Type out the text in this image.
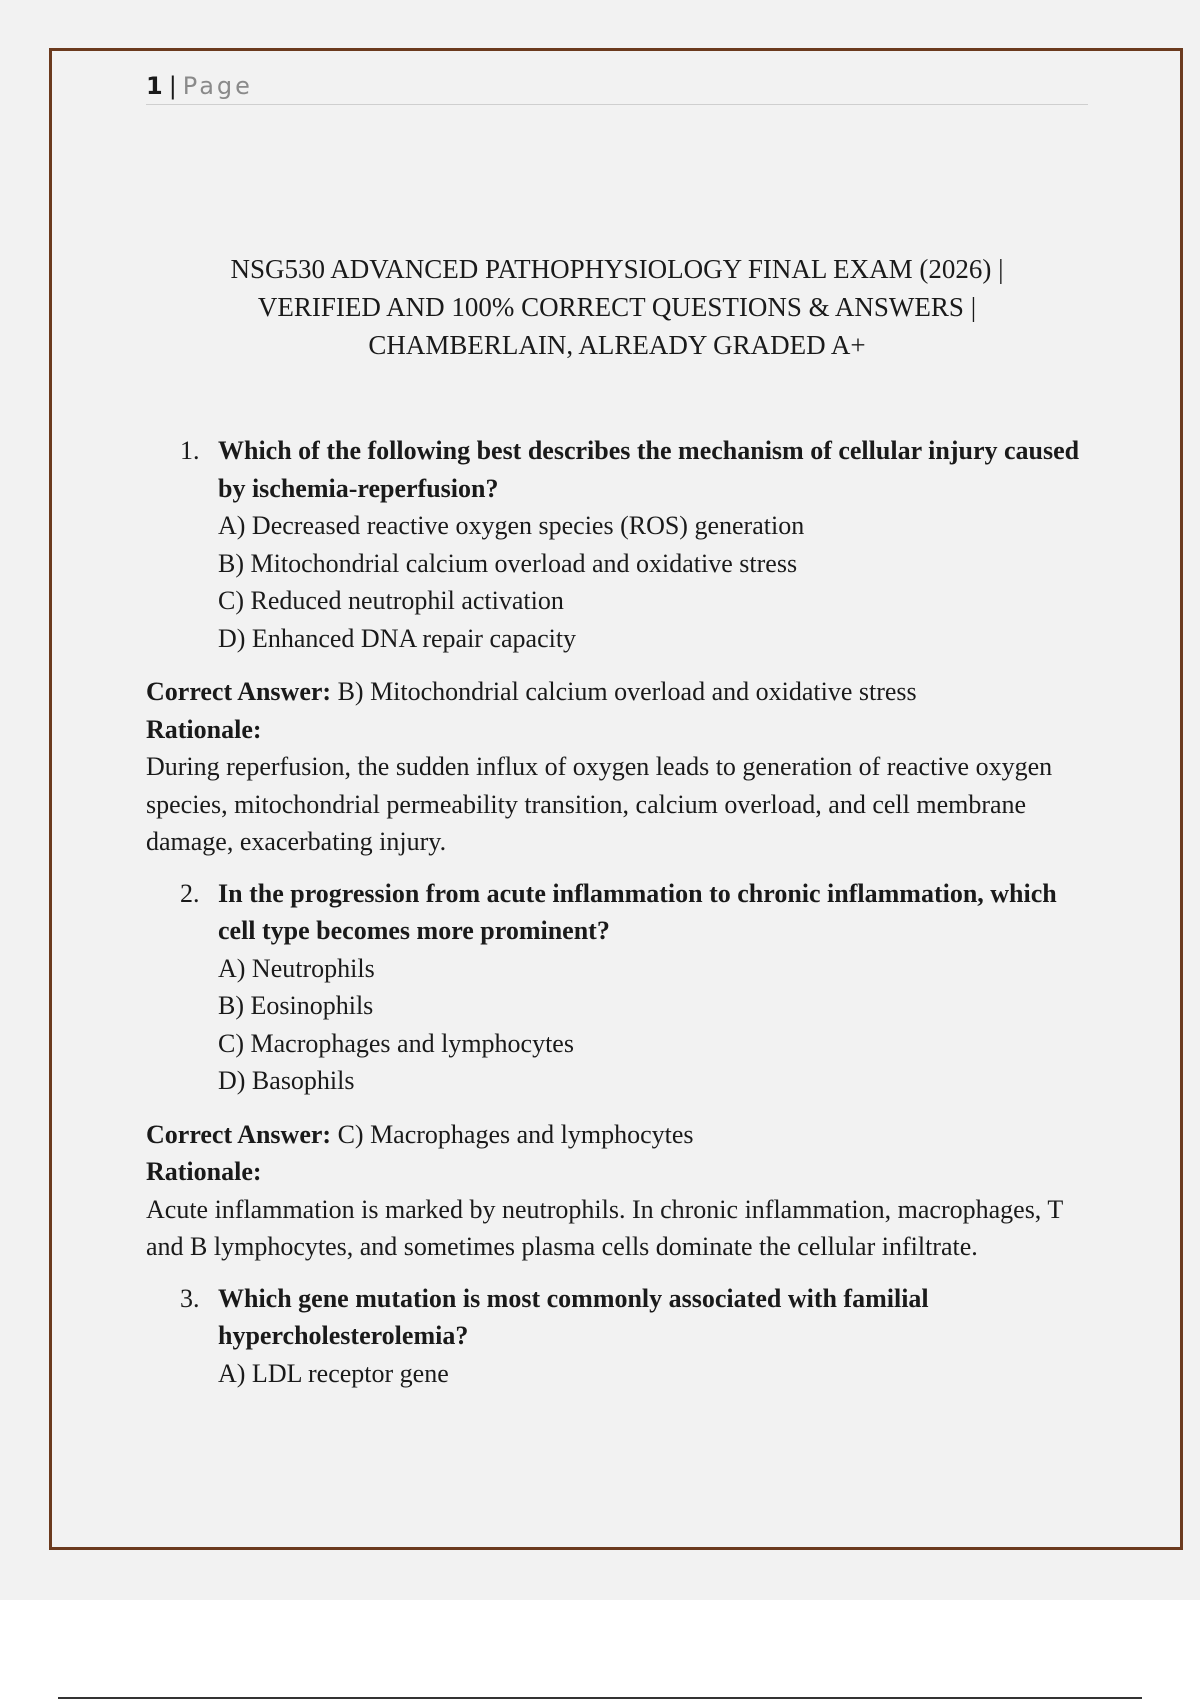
1 | Page
NSG530 ADVANCED PATHOPHYSIOLOGY FINAL EXAM (2026) |
VERIFIED AND 100% CORRECT QUESTIONS & ANSWERS |
CHAMBERLAIN, ALREADY GRADED A+
1. Which of the following best describes the mechanism of cellular injury caused by ischemia-reperfusion?
A) Decreased reactive oxygen species (ROS) generation
B) Mitochondrial calcium overload and oxidative stress
C) Reduced neutrophil activation
D) Enhanced DNA repair capacity
Correct Answer: B) Mitochondrial calcium overload and oxidative stress
Rationale:
During reperfusion, the sudden influx of oxygen leads to generation of reactive oxygen species, mitochondrial permeability transition, calcium overload, and cell membrane damage, exacerbating injury.
2. In the progression from acute inflammation to chronic inflammation, which cell type becomes more prominent?
A) Neutrophils
B) Eosinophils
C) Macrophages and lymphocytes
D) Basophils
Correct Answer: C) Macrophages and lymphocytes
Rationale:
Acute inflammation is marked by neutrophils. In chronic inflammation, macrophages, T and B lymphocytes, and sometimes plasma cells dominate the cellular infiltrate.
3. Which gene mutation is most commonly associated with familial hypercholesterolemia?
A) LDL receptor gene
